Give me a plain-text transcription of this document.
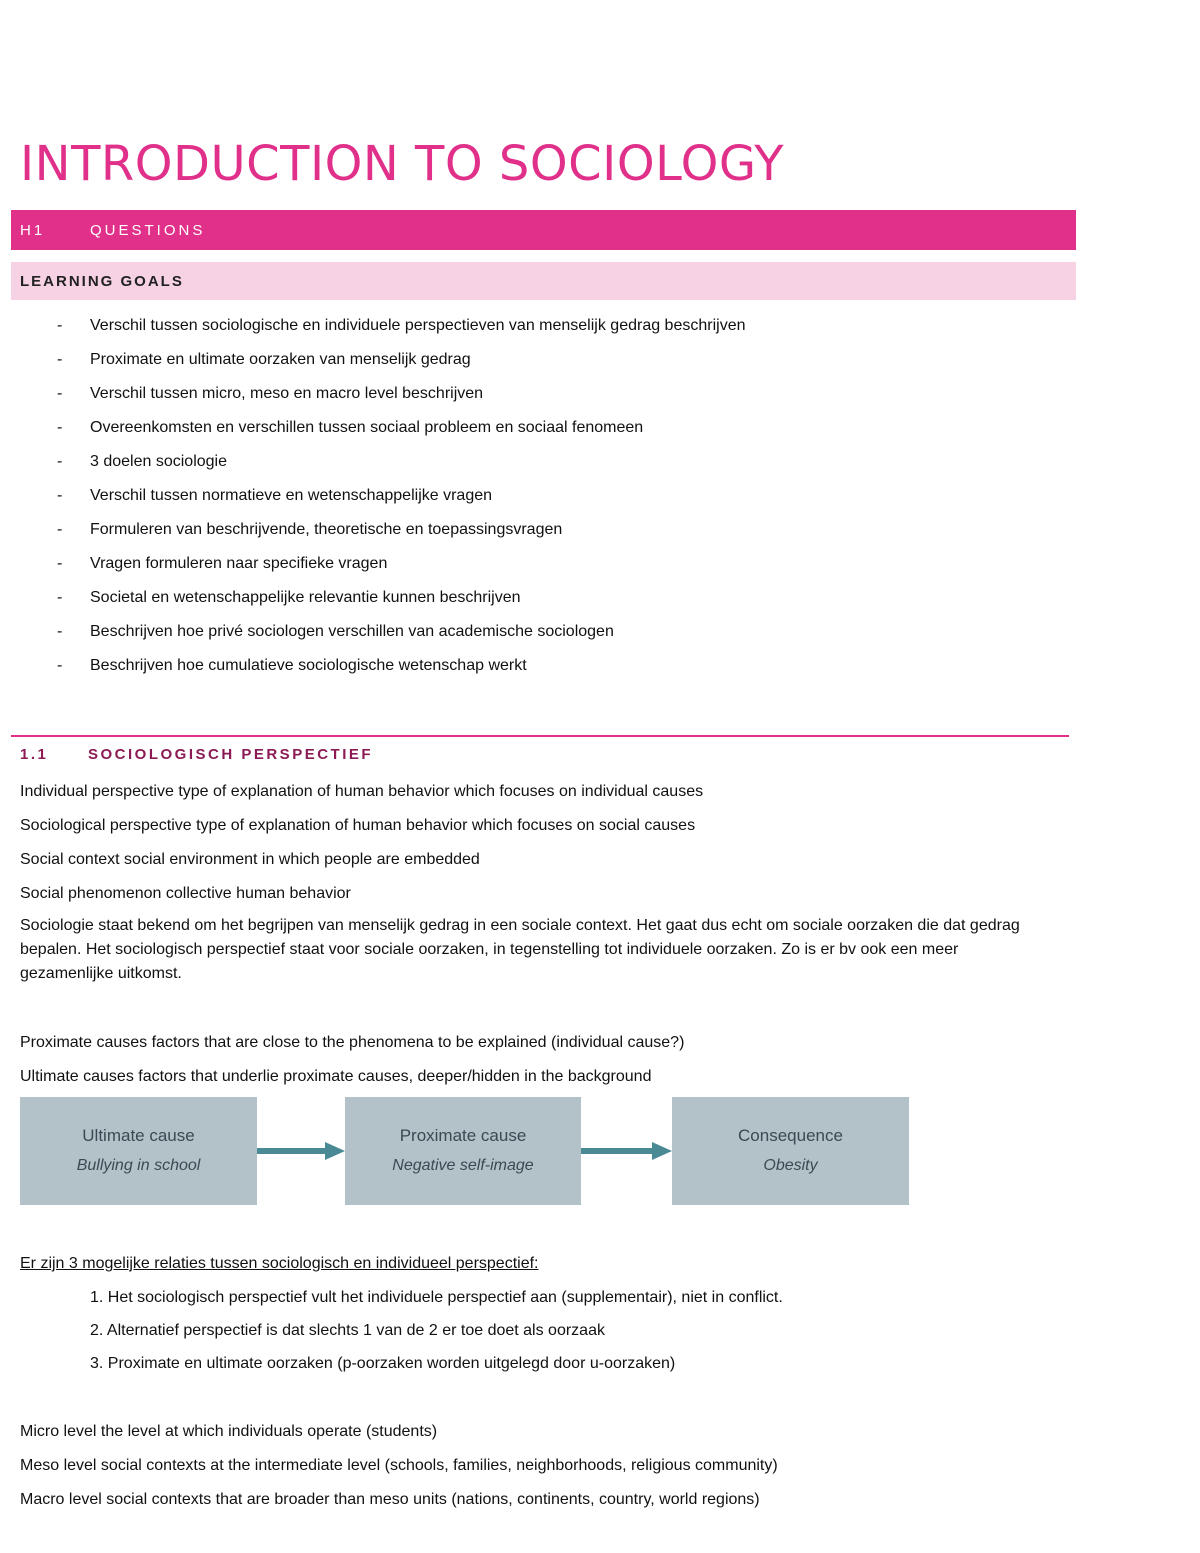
INTRODUCTION TO SOCIOLOGY
H1	QUESTIONS
LEARNING GOALS
- Verschil tussen sociologische en individuele perspectieven van menselijk gedrag beschrijven
- Proximate en ultimate oorzaken van menselijk gedrag
- Verschil tussen micro, meso en macro level beschrijven
- Overeenkomsten en verschillen tussen sociaal probleem en sociaal fenomeen
- 3 doelen sociologie
- Verschil tussen normatieve en wetenschappelijke vragen
- Formuleren van beschrijvende, theoretische en toepassingsvragen
- Vragen formuleren naar specifieke vragen
- Societal en wetenschappelijke relevantie kunnen beschrijven
- Beschrijven hoe privé sociologen verschillen van academische sociologen
- Beschrijven hoe cumulatieve sociologische wetenschap werkt
1.1	SOCIOLOGISCH PERSPECTIEF
Individual perspective type of explanation of human behavior which focuses on individual causes
Sociological perspective type of explanation of human behavior which focuses on social causes
Social context social environment in which people are embedded
Social phenomenon collective human behavior
Sociologie staat bekend om het begrijpen van menselijk gedrag in een sociale context. Het gaat dus echt om sociale oorzaken die dat gedrag bepalen. Het sociologisch perspectief staat voor sociale oorzaken, in tegenstelling tot individuele oorzaken. Zo is er bv ook een meer gezamenlijke uitkomst.
Proximate causes factors that are close to the phenomena to be explained (individual cause?)
Ultimate causes factors that underlie proximate causes, deeper/hidden in the background
Ultimate cause
Bullying in school
Proximate cause
Negative self-image
Consequence
Obesity
Er zijn 3 mogelijke relaties tussen sociologisch en individueel perspectief:
1. Het sociologisch perspectief vult het individuele perspectief aan (supplementair), niet in conflict.
2. Alternatief perspectief is dat slechts 1 van de 2 er toe doet als oorzaak
3. Proximate en ultimate oorzaken (p-oorzaken worden uitgelegd door u-oorzaken)
Micro level the level at which individuals operate (students)
Meso level social contexts at the intermediate level (schools, families, neighborhoods, religious community)
Macro level social contexts that are broader than meso units (nations, continents, country, world regions)
